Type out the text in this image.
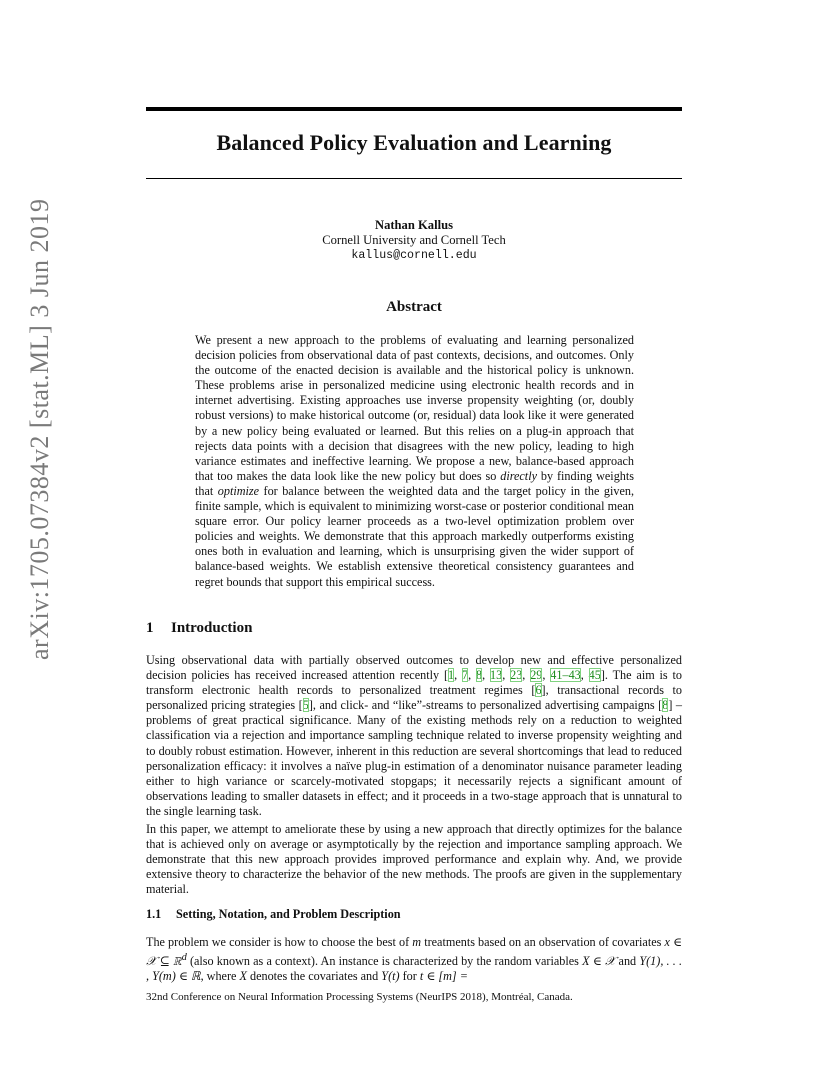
arXiv:1705.07384v2 [stat.ML] 3 Jun 2019
Balanced Policy Evaluation and Learning
Nathan Kallus
Cornell University and Cornell Tech
kallus@cornell.edu
Abstract

We present a new approach to the problems of evaluating and learning personalized decision policies from observational data of past contexts, decisions, and outcomes. Only the outcome of the enacted decision is available and the historical policy is unknown. These problems arise in personalized medicine using electronic health records and in internet advertising. Existing approaches use inverse propensity weighting (or, doubly robust versions) to make historical outcome (or, residual) data look like it were generated by a new policy being evaluated or learned. But this relies on a plug-in approach that rejects data points with a decision that disagrees with the new policy, leading to high variance estimates and ineffective learning. We propose a new, balance-based approach that too makes the data look like the new policy but does so directly by finding weights that optimize for balance between the weighted data and the target policy in the given, finite sample, which is equivalent to minimizing worst-case or posterior conditional mean square error. Our policy learner proceeds as a two-level optimization problem over policies and weights. We demonstrate that this approach markedly outperforms existing ones both in evaluation and learning, which is unsurprising given the wider support of balance-based weights. We establish extensive theoretical consistency guarantees and regret bounds that support this empirical success.

1 Introduction

Using observational data with partially observed outcomes to develop new and effective personalized decision policies has received increased attention recently [1, 7, 8, 13, 23, 29, 41–43, 45]. The aim is to transform electronic health records to personalized treatment regimes [6], transactional records to personalized pricing strategies [5], and click- and “like”-streams to personalized advertising campaigns [8] – problems of great practical significance. Many of the existing methods rely on a reduction to weighted classification via a rejection and importance sampling technique related to inverse propensity weighting and to doubly robust estimation. However, inherent in this reduction are several shortcomings that lead to reduced personalization efficacy: it involves a naïve plug-in estimation of a denominator nuisance parameter leading either to high variance or scarcely-motivated stopgaps; it necessarily rejects a significant amount of observations leading to smaller datasets in effect; and it proceeds in a two-stage approach that is unnatural to the single learning task.

In this paper, we attempt to ameliorate these by using a new approach that directly optimizes for the balance that is achieved only on average or asymptotically by the rejection and importance sampling approach. We demonstrate that this new approach provides improved performance and explain why. And, we provide extensive theory to characterize the behavior of the new methods. The proofs are given in the supplementary material.

1.1 Setting, Notation, and Problem Description

The problem we consider is how to choose the best of m treatments based on an observation of covariates x ∈ 𝒳 ⊆ ℝ$^d$ (also known as a context). An instance is characterized by the random variables X ∈ 𝒳 and Y(1), . . . , Y(m) ∈ ℝ, where X denotes the covariates and Y(t) for t ∈ [m] =

32nd Conference on Neural Information Processing Systems (NeurIPS 2018), Montréal, Canada.
